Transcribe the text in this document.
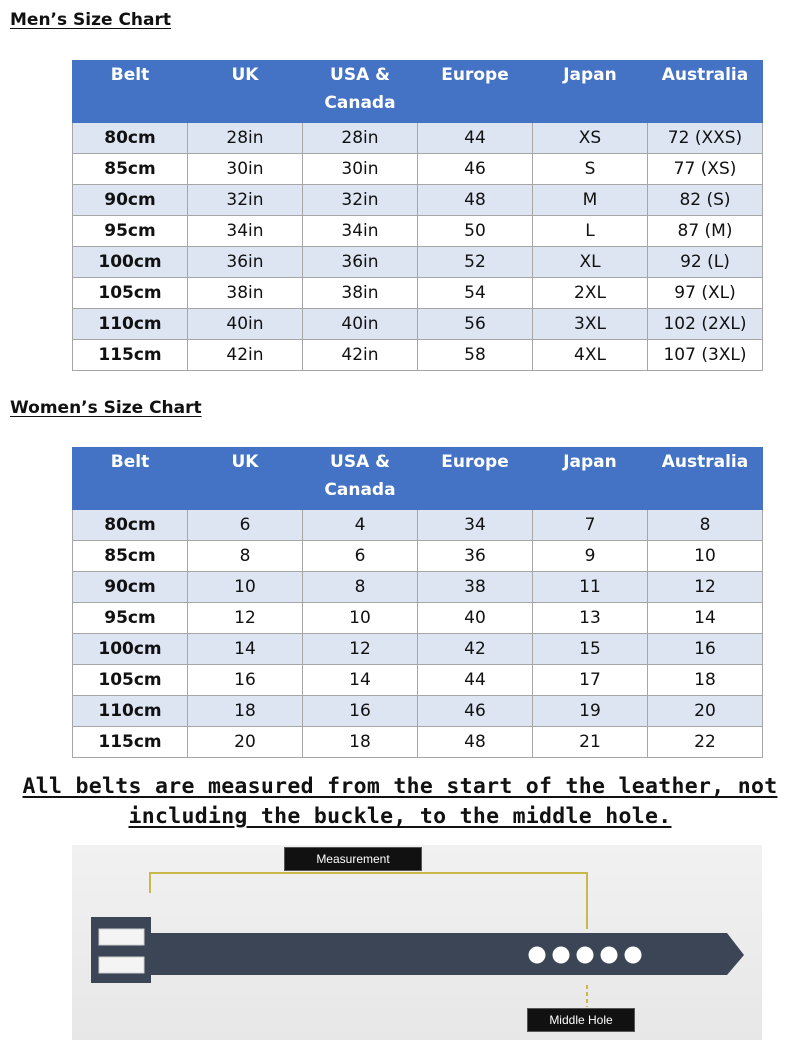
Men’s Size Chart
Belt	UK	USA & Canada	Europe	Japan	Australia
80cm	28in	28in	44	XS	72 (XXS)
85cm	30in	30in	46	S	77 (XS)
90cm	32in	32in	48	M	82 (S)
95cm	34in	34in	50	L	87 (M)
100cm	36in	36in	52	XL	92 (L)
105cm	38in	38in	54	2XL	97 (XL)
110cm	40in	40in	56	3XL	102 (2XL)
115cm	42in	42in	58	4XL	107 (3XL)
Women’s Size Chart
Belt	UK	USA & Canada	Europe	Japan	Australia
80cm	6	4	34	7	8
85cm	8	6	36	9	10
90cm	10	8	38	11	12
95cm	12	10	40	13	14
100cm	14	12	42	15	16
105cm	16	14	44	17	18
110cm	18	16	46	19	20
115cm	20	18	48	21	22

All belts are measured from the start of the leather, not
including the buckle, to the middle hole.

Measurement
Middle Hole
